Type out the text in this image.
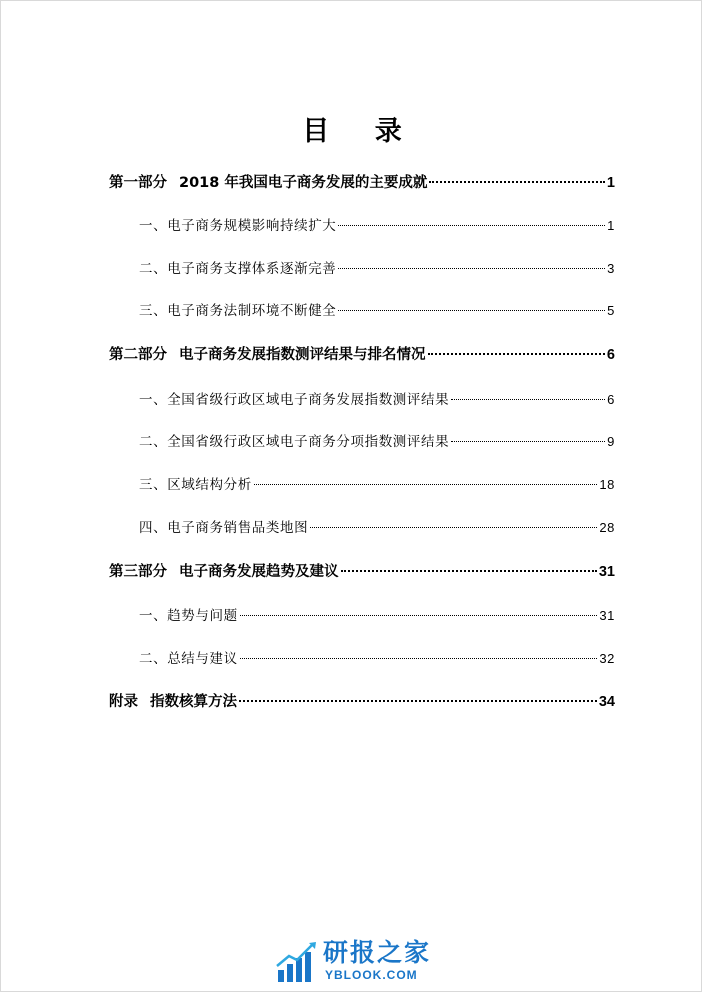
目 录
第一部分 2018 年我国电子商务发展的主要成就	1
一、电子商务规模影响持续扩大	1
二、电子商务支撑体系逐渐完善	3
三、电子商务法制环境不断健全	5
第二部分 电子商务发展指数测评结果与排名情况	6
一、全国省级行政区域电子商务发展指数测评结果	6
二、全国省级行政区域电子商务分项指数测评结果	9
三、区域结构分析	18
四、电子商务销售品类地图	28
第三部分 电子商务发展趋势及建议	31
一、趋势与问题	31
二、总结与建议	32
附录 指数核算方法	34
研报之家
YBLOOK.COM
